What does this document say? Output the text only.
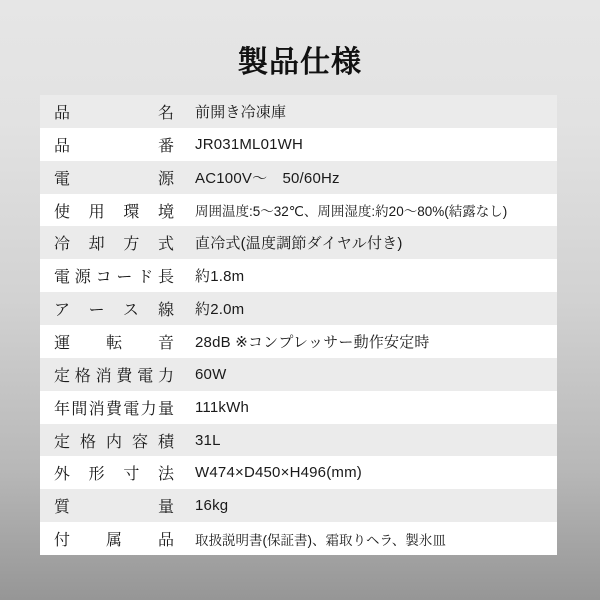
製品仕様
品名 前開き冷凍庫
品番 JR031ML01WH
電源 AC100V～　50/60Hz
使用環境 周囲温度:5～32℃、周囲湿度:約20～80%(結露なし)
冷却方式 直冷式(温度調節ダイヤル付き)
電源コード長 約1.8m
アース線 約2.0m
運転音 28dB ※コンプレッサー動作安定時
定格消費電力 60W
年間消費電力量 111kWh
定格内容積 31L
外形寸法 W474×D450×H496(mm)
質量 16kg
付属品 取扱説明書(保証書)、霜取りヘラ、製氷皿
